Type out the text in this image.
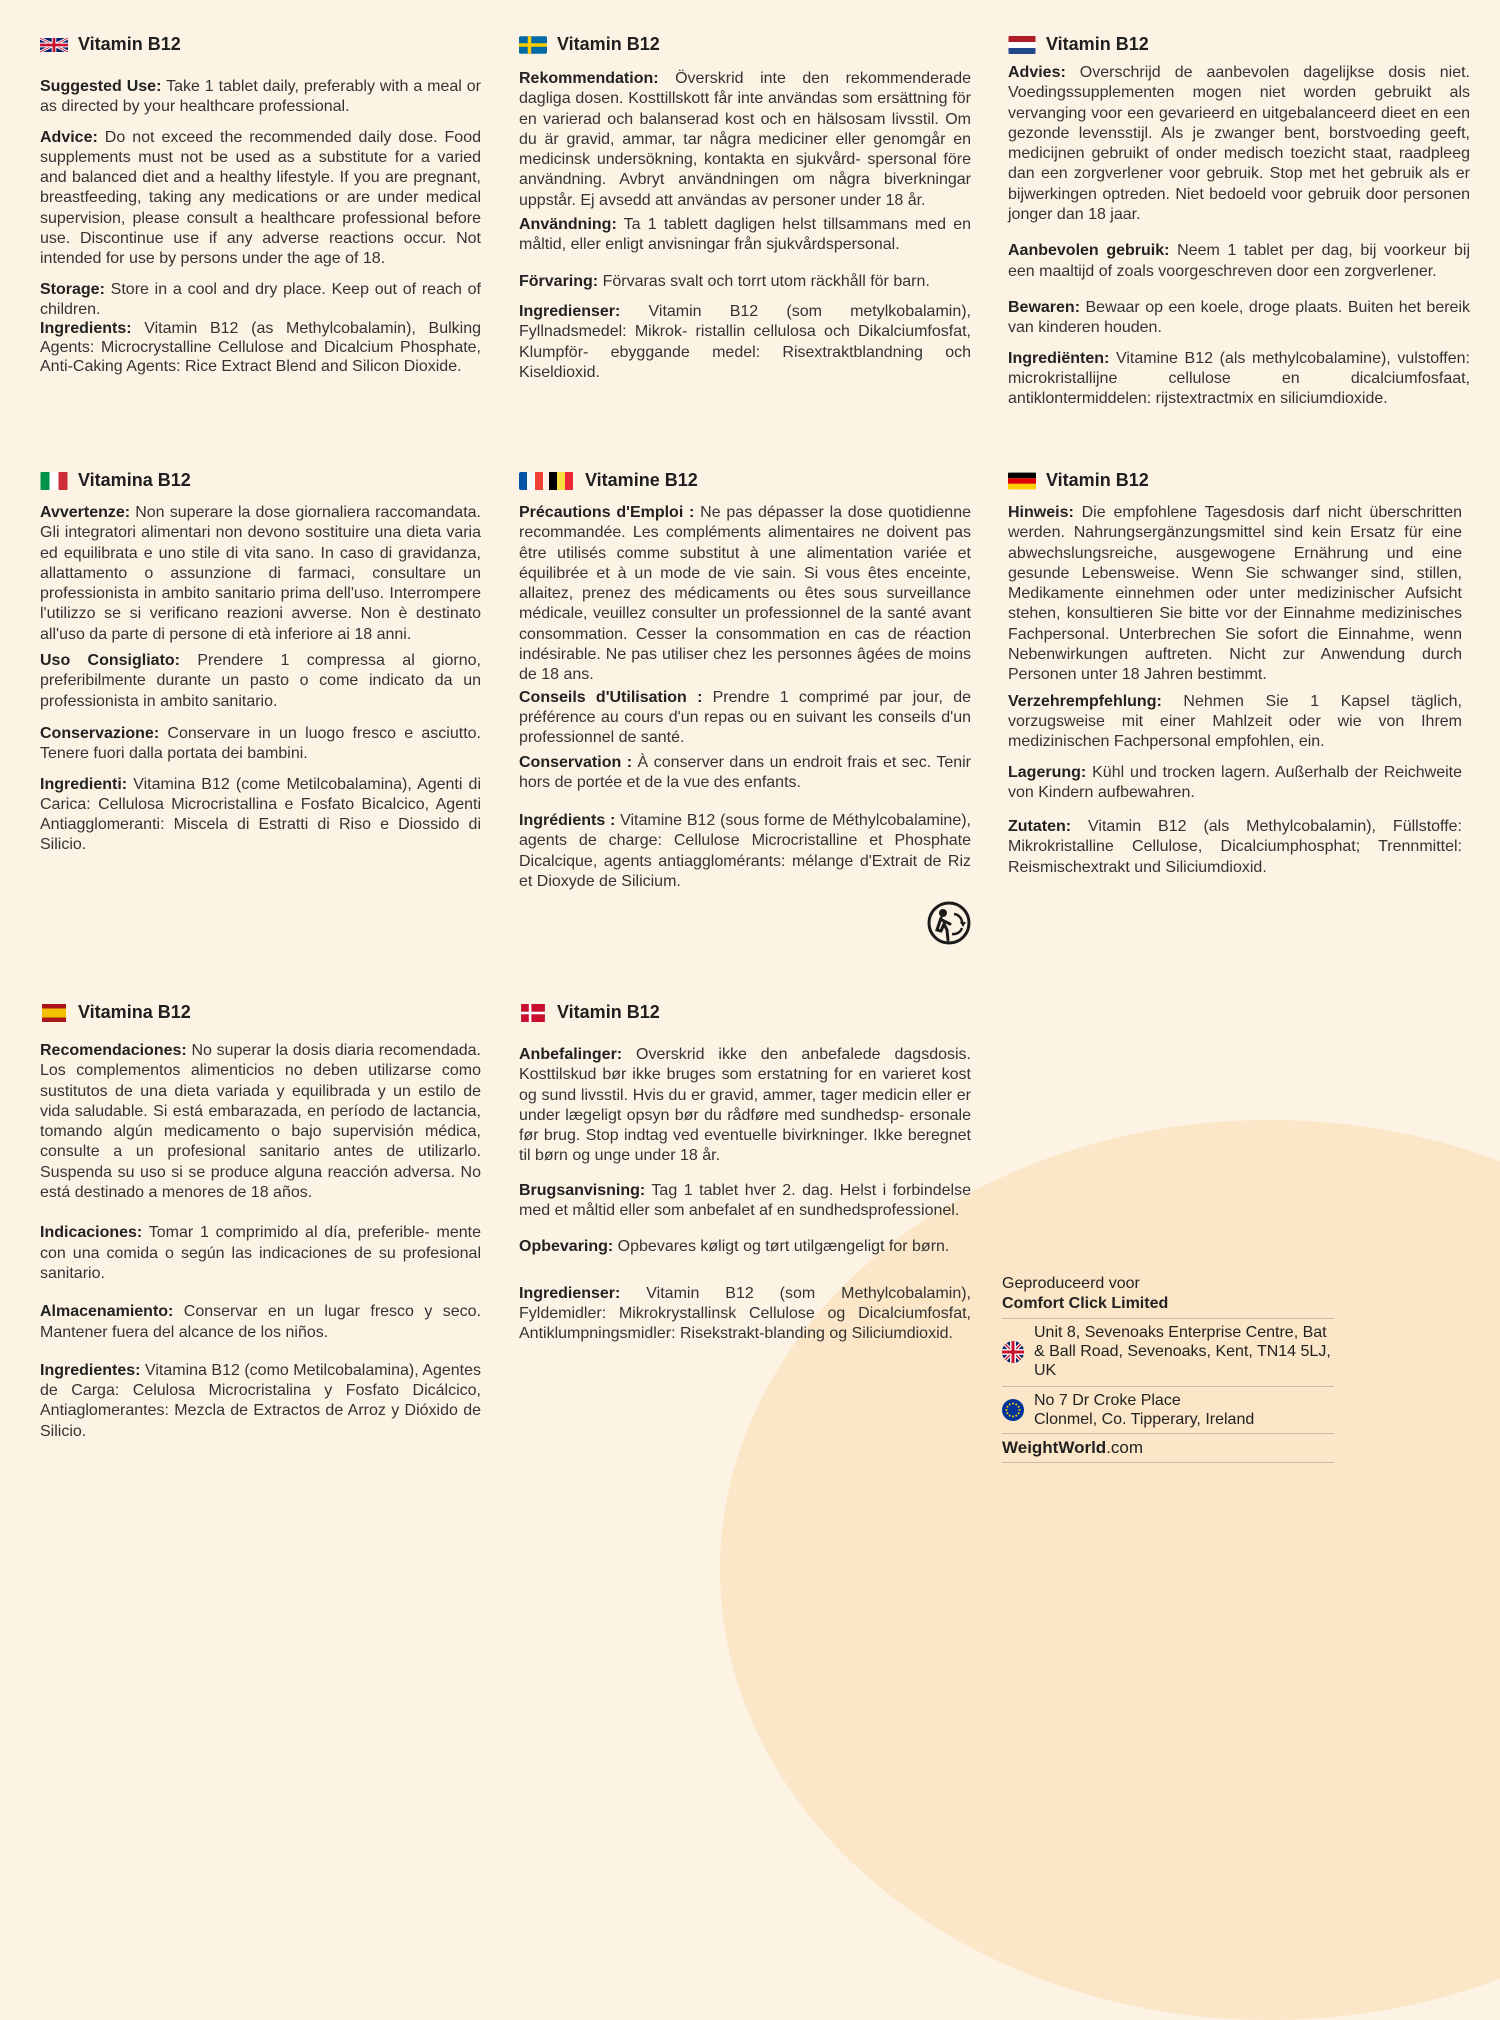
Vitamin B12

Suggested Use: Take 1 tablet daily, preferably with a meal or as directed by your healthcare professional.

Advice: Do not exceed the recommended daily dose. Food supplements must not be used as a substitute for a varied and balanced diet and a healthy lifestyle. If you are pregnant, breastfeeding, taking any medications or are under medical supervision, please consult a healthcare professional before use. Discontinue use if any adverse reactions occur. Not intended for use by persons under the age of 18.

Storage: Store in a cool and dry place. Keep out of reach of children.

Ingredients: Vitamin B12 (as Methylcobalamin), Bulking Agents: Microcrystalline Cellulose and Dicalcium Phosphate, Anti-Caking Agents: Rice Extract Blend and Silicon Dioxide.

Vitamin B12

Rekommendation: Överskrid inte den rekommenderade dagliga dosen. Kosttillskott får inte användas som ersättning för en varierad och balanserad kost och en hälsosam livsstil. Om du är gravid, ammar, tar några mediciner eller genomgår en medicinsk undersökning, kontakta en sjukvård- spersonal före användning. Avbryt användningen om några biverkningar uppstår. Ej avsedd att användas av personer under 18 år.

Användning: Ta 1 tablett dagligen helst tillsammans med en måltid, eller enligt anvisningar från sjukvårdspersonal.

Förvaring: Förvaras svalt och torrt utom räckhåll för barn.

Ingredienser: Vitamin B12 (som metylkobalamin), Fyllnadsmedel: Mikrok- ristallin cellulosa och Dikalciumfosfat, Klumpför- ebyggande medel: Risextraktblandning och Kiseldioxid.

Vitamin B12

Advies: Overschrijd de aanbevolen dagelijkse dosis niet. Voedingssupplementen mogen niet worden gebruikt als vervanging voor een gevarieerd en uitgebalanceerd dieet en een gezonde levensstijl. Als je zwanger bent, borstvoeding geeft, medicijnen gebruikt of onder medisch toezicht staat, raadpleeg dan een zorgverlener voor gebruik. Stop met het gebruik als er bijwerkingen optreden. Niet bedoeld voor gebruik door personen jonger dan 18 jaar.

Aanbevolen gebruik: Neem 1 tablet per dag, bij voorkeur bij een maaltijd of zoals voorgeschreven door een zorgverlener.

Bewaren: Bewaar op een koele, droge plaats. Buiten het bereik van kinderen houden.

Ingrediënten: Vitamine B12 (als methylcobalamine), vulstoffen: microkristallijne cellulose en dicalciumfosfaat, antiklontermiddelen: rijstextractmix en siliciumdioxide.

Vitamina B12

Avvertenze: Non superare la dose giornaliera raccomandata. Gli integratori alimentari non devono sostituire una dieta varia ed equilibrata e uno stile di vita sano. In caso di gravidanza, allattamento o assunzione di farmaci, consultare un professionista in ambito sanitario prima dell'uso. Interrompere l'utilizzo se si verificano reazioni avverse. Non è destinato all'uso da parte di persone di età inferiore ai 18 anni.

Uso Consigliato: Prendere 1 compressa al giorno, preferibilmente durante un pasto o come indicato da un professionista in ambito sanitario.

Conservazione: Conservare in un luogo fresco e asciutto. Tenere fuori dalla portata dei bambini.

Ingredienti: Vitamina B12 (come Metilcobalamina), Agenti di Carica: Cellulosa Microcristallina e Fosfato Bicalcico, Agenti Antiagglomeranti: Miscela di Estratti di Riso e Diossido di Silicio.

Vitamine B12

Précautions d'Emploi : Ne pas dépasser la dose quotidienne recommandée. Les compléments alimentaires ne doivent pas être utilisés comme substitut à une alimentation variée et équilibrée et à un mode de vie sain. Si vous êtes enceinte, allaitez, prenez des médicaments ou êtes sous surveillance médicale, veuillez consulter un professionnel de la santé avant consommation. Cesser la consommation en cas de réaction indésirable. Ne pas utiliser chez les personnes âgées de moins de 18 ans.

Conseils d'Utilisation : Prendre 1 comprimé par jour, de préférence au cours d'un repas ou en suivant les conseils d'un professionnel de santé.

Conservation : À conserver dans un endroit frais et sec. Tenir hors de portée et de la vue des enfants.

Ingrédients : Vitamine B12 (sous forme de Méthylcobalamine), agents de charge: Cellulose Microcristalline et Phosphate Dicalcique, agents antiagglomérants: mélange d'Extrait de Riz et Dioxyde de Silicium.

Vitamin B12

Hinweis: Die empfohlene Tagesdosis darf nicht überschritten werden. Nahrungsergänzungsmittel sind kein Ersatz für eine abwechslungsreiche, ausgewogene Ernährung und eine gesunde Lebensweise. Wenn Sie schwanger sind, stillen, Medikamente einnehmen oder unter medizinischer Aufsicht stehen, konsultieren Sie bitte vor der Einnahme medizinisches Fachpersonal. Unterbrechen Sie sofort die Einnahme, wenn Nebenwirkungen auftreten. Nicht zur Anwendung durch Personen unter 18 Jahren bestimmt.

Verzehrempfehlung: Nehmen Sie 1 Kapsel täglich, vorzugsweise mit einer Mahlzeit oder wie von Ihrem medizinischen Fachpersonal empfohlen, ein.

Lagerung: Kühl und trocken lagern. Außerhalb der Reichweite von Kindern aufbewahren.

Zutaten: Vitamin B12 (als Methylcobalamin), Füllstoffe: Mikrokristalline Cellulose, Dicalciumphosphat; Trennmittel: Reismischextrakt und Siliciumdioxid.

Vitamina B12

Recomendaciones: No superar la dosis diaria recomendada. Los complementos alimenticios no deben utilizarse como sustitutos de una dieta variada y equilibrada y un estilo de vida saludable. Si está embarazada, en período de lactancia, tomando algún medicamento o bajo supervisión médica, consulte a un profesional sanitario antes de utilizarlo. Suspenda su uso si se produce alguna reacción adversa. No está destinado a menores de 18 años.

Indicaciones: Tomar 1 comprimido al día, preferible- mente con una comida o según las indicaciones de su profesional sanitario.

Almacenamiento: Conservar en un lugar fresco y seco. Mantener fuera del alcance de los niños.

Ingredientes: Vitamina B12 (como Metilcobalamina), Agentes de Carga: Celulosa Microcristalina y Fosfato Dicálcico, Antiaglomerantes: Mezcla de Extractos de Arroz y Dióxido de Silicio.

Vitamin B12

Anbefalinger: Overskrid ikke den anbefalede dagsdosis. Kosttilskud bør ikke bruges som erstatning for en varieret kost og sund livsstil. Hvis du er gravid, ammer, tager medicin eller er under lægeligt opsyn bør du rådføre med sundhedsp- ersonale før brug. Stop indtag ved eventuelle bivirkninger. Ikke beregnet til børn og unge under 18 år.

Brugsanvisning: Tag 1 tablet hver 2. dag. Helst i forbindelse med et måltid eller som anbefalet af en sundhedsprofessionel.

Opbevaring: Opbevares køligt og tørt utilgængeligt for børn.

Ingredienser: Vitamin B12 (som Methylcobalamin), Fyldemidler: Mikrokrystallinsk Cellulose og Dicalciumfosfat, Antiklumpningsmidler: Risekstrakt-blanding og Siliciumdioxid.

Geproduceerd voor
Comfort Click Limited
Unit 8, Sevenoaks Enterprise Centre, Bat & Ball Road, Sevenoaks, Kent, TN14 5LJ, UK
No 7 Dr Croke Place
Clonmel, Co. Tipperary, Ireland
WeightWorld.com
